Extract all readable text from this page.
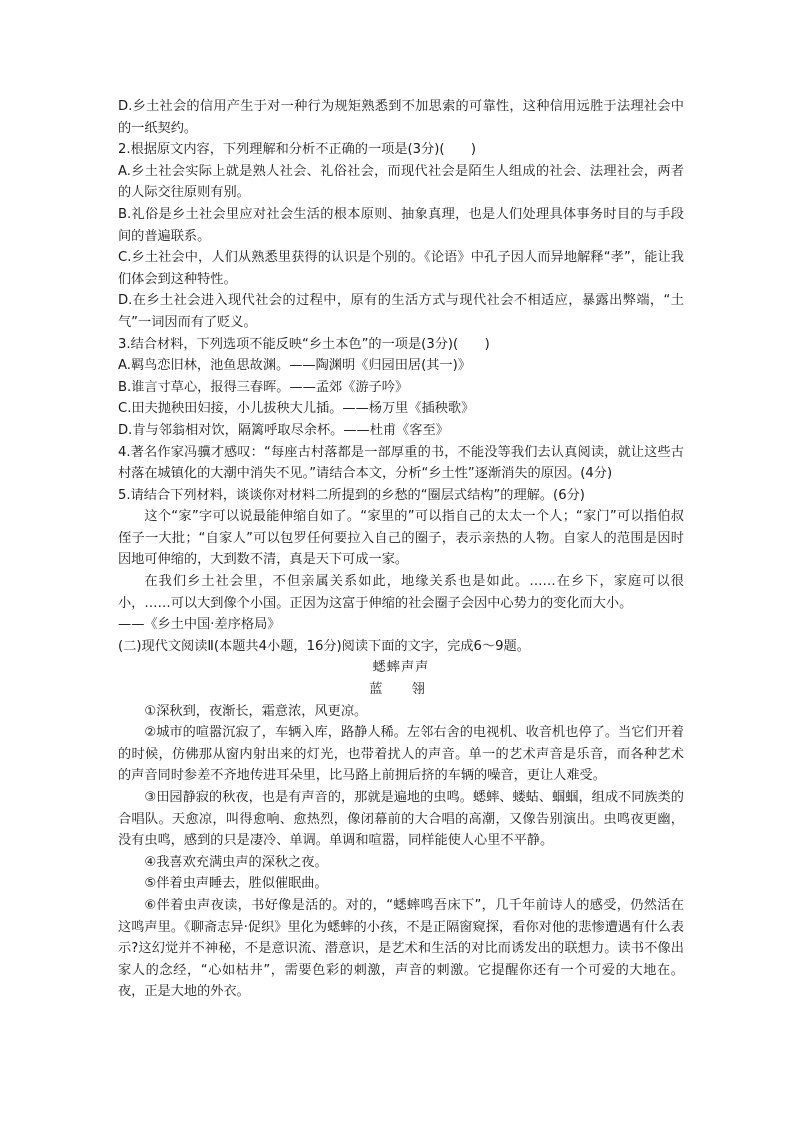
D.乡土社会的信用产生于对一种行为规矩熟悉到不加思索的可靠性，这种信用远胜于法理社会中的一纸契约。

2.根据原文内容，下列理解和分析不正确的一项是(3分)(　　)

A.乡土社会实际上就是熟人社会、礼俗社会，而现代社会是陌生人组成的社会、法理社会，两者的人际交往原则有别。

B.礼俗是乡土社会里应对社会生活的根本原则、抽象真理，也是人们处理具体事务时目的与手段间的普遍联系。

C.乡土社会中，人们从熟悉里获得的认识是个别的。《论语》中孔子因人而异地解释“孝”，能让我们体会到这种特性。

D.在乡土社会进入现代社会的过程中，原有的生活方式与现代社会不相适应，暴露出弊端，“土气”一词因而有了贬义。

3.结合材料，下列选项不能反映“乡土本色”的一项是(3分)(　　)

A.羁鸟恋旧林，池鱼思故渊。——陶渊明《归园田居(其一)》

B.谁言寸草心，报得三春晖。——孟郊《游子吟》

C.田夫抛秧田妇接，小儿拔秧大儿插。——杨万里《插秧歌》

D.肯与邻翁相对饮，隔篱呼取尽余杯。——杜甫《客至》

4.著名作家冯骥才感叹：“每座古村落都是一部厚重的书，不能没等我们去认真阅读，就让这些古村落在城镇化的大潮中消失不见。”请结合本文，分析“乡土性”逐渐消失的原因。(4分)

5.请结合下列材料，谈谈你对材料二所提到的乡愁的“圈层式结构”的理解。(6分)

这个“家”字可以说最能伸缩自如了。“家里的”可以指自己的太太一个人；“家门”可以指伯叔侄子一大批；“自家人”可以包罗任何要拉入自己的圈子，表示亲热的人物。自家人的范围是因时因地可伸缩的，大到数不清，真是天下可成一家。

在我们乡土社会里，不但亲属关系如此，地缘关系也是如此。……在乡下，家庭可以很小，……可以大到像个小国。正因为这富于伸缩的社会圈子会因中心势力的变化而大小。

——《乡土中国·差序格局》

(二)现代文阅读Ⅱ(本题共4小题，16分)阅读下面的文字，完成6～9题。

蟋蟀声声

蓝　翎

①深秋到，夜渐长，霜意浓，风更凉。

②城市的喧嚣沉寂了，车辆入库，路静人稀。左邻右舍的电视机、收音机也停了。当它们开着的时候，仿佛那从窗内射出来的灯光，也带着扰人的声音。单一的艺术声音是乐音，而各种艺术的声音同时参差不齐地传进耳朵里，比马路上前拥后挤的车辆的噪音，更让人难受。

③田园静寂的秋夜，也是有声音的，那就是遍地的虫鸣。蟋蟀、蝼蛄、蝈蝈，组成不同族类的合唱队。天愈凉，叫得愈响、愈热烈，像闭幕前的大合唱的高潮，又像告别演出。虫鸣夜更幽，没有虫鸣，感到的只是凄冷、单调。单调和喧嚣，同样能使人心里不平静。

④我喜欢充满虫声的深秋之夜。

⑤伴着虫声睡去，胜似催眠曲。

⑥伴着虫声夜读，书好像是活的。对的，“蟋蟀鸣吾床下”，几千年前诗人的感受，仍然活在这鸣声里。《聊斋志异·促织》里化为蟋蟀的小孩，不是正隔窗窥探，看你对他的悲惨遭遇有什么表示?这幻觉并不神秘，不是意识流、潜意识，是艺术和生活的对比而诱发出的联想力。读书不像出家人的念经，“心如枯井”，需要色彩的刺激，声音的刺激。它提醒你还有一个可爱的大地在。夜，正是大地的外衣。
